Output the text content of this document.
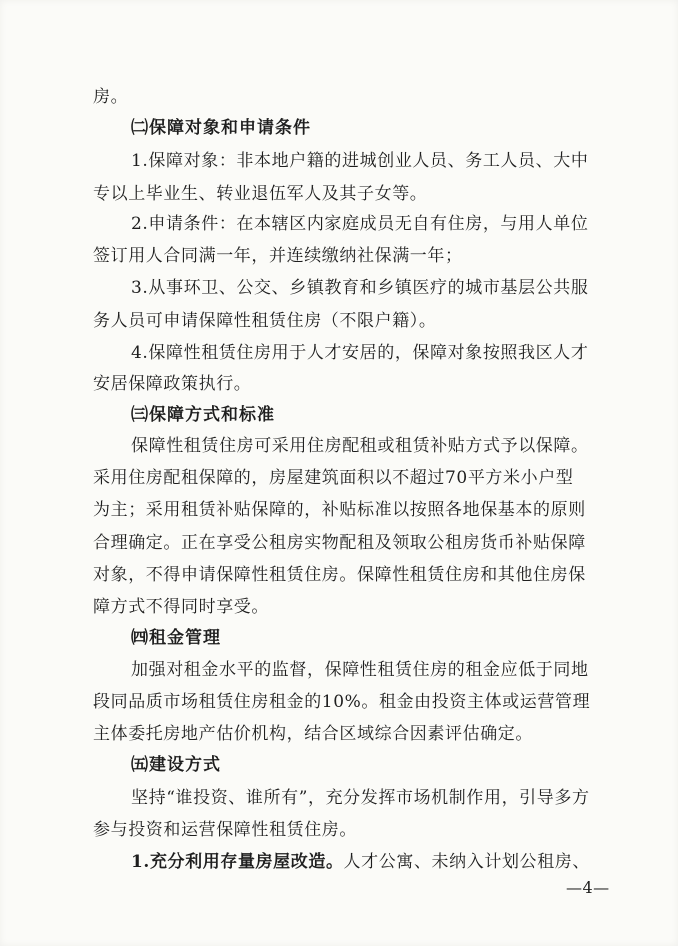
房。
㈡保障对象和申请条件
1.保障对象：非本地户籍的进城创业人员、务工人员、大中
专以上毕业生、转业退伍军人及其子女等。
2.申请条件：在本辖区内家庭成员无自有住房，与用人单位
签订用人合同满一年，并连续缴纳社保满一年；
3.从事环卫、公交、乡镇教育和乡镇医疗的城市基层公共服
务人员可申请保障性租赁住房（不限户籍）。
4.保障性租赁住房用于人才安居的，保障对象按照我区人才
安居保障政策执行。
㈢保障方式和标准
保障性租赁住房可采用住房配租或租赁补贴方式予以保障。
采用住房配租保障的，房屋建筑面积以不超过70平方米小户型
为主；采用租赁补贴保障的，补贴标准以按照各地保基本的原则
合理确定。正在享受公租房实物配租及领取公租房货币补贴保障
对象，不得申请保障性租赁住房。保障性租赁住房和其他住房保
障方式不得同时享受。
㈣租金管理
加强对租金水平的监督，保障性租赁住房的租金应低于同地
段同品质市场租赁住房租金的10%。租金由投资主体或运营管理
主体委托房地产估价机构，结合区域综合因素评估确定。
㈤建设方式
坚持“谁投资、谁所有”，充分发挥市场机制作用，引导多方
参与投资和运营保障性租赁住房。
1.充分利用存量房屋改造。人才公寓、未纳入计划公租房、
—4—
